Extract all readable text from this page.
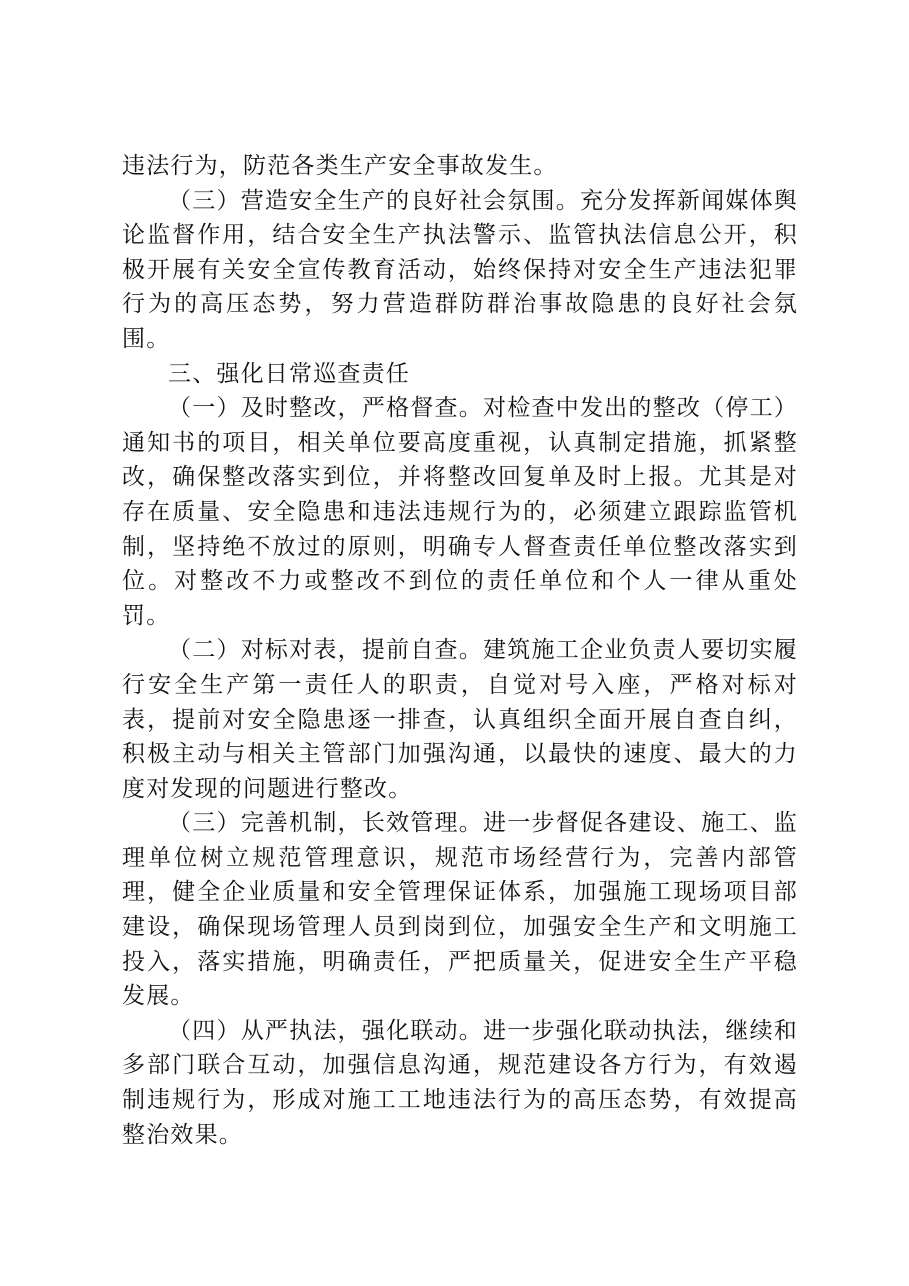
违法行为，防范各类生产安全事故发生。

（三）营造安全生产的良好社会氛围。充分发挥新闻媒体舆论监督作用，结合安全生产执法警示、监管执法信息公开，积极开展有关安全宣传教育活动，始终保持对安全生产违法犯罪行为的高压态势，努力营造群防群治事故隐患的良好社会氛围。

三、强化日常巡查责任

（一）及时整改，严格督查。对检查中发出的整改（停工）通知书的项目，相关单位要高度重视，认真制定措施，抓紧整改，确保整改落实到位，并将整改回复单及时上报。尤其是对存在质量、安全隐患和违法违规行为的，必须建立跟踪监管机制，坚持绝不放过的原则，明确专人督查责任单位整改落实到位。对整改不力或整改不到位的责任单位和个人一律从重处罚。

（二）对标对表，提前自查。建筑施工企业负责人要切实履行安全生产第一责任人的职责，自觉对号入座，严格对标对表，提前对安全隐患逐一排查，认真组织全面开展自查自纠，积极主动与相关主管部门加强沟通，以最快的速度、最大的力度对发现的问题进行整改。

（三）完善机制，长效管理。进一步督促各建设、施工、监理单位树立规范管理意识，规范市场经营行为，完善内部管理，健全企业质量和安全管理保证体系，加强施工现场项目部建设，确保现场管理人员到岗到位，加强安全生产和文明施工投入，落实措施，明确责任，严把质量关，促进安全生产平稳发展。

（四）从严执法，强化联动。进一步强化联动执法，继续和多部门联合互动，加强信息沟通，规范建设各方行为，有效遏制违规行为，形成对施工工地违法行为的高压态势，有效提高整治效果。
